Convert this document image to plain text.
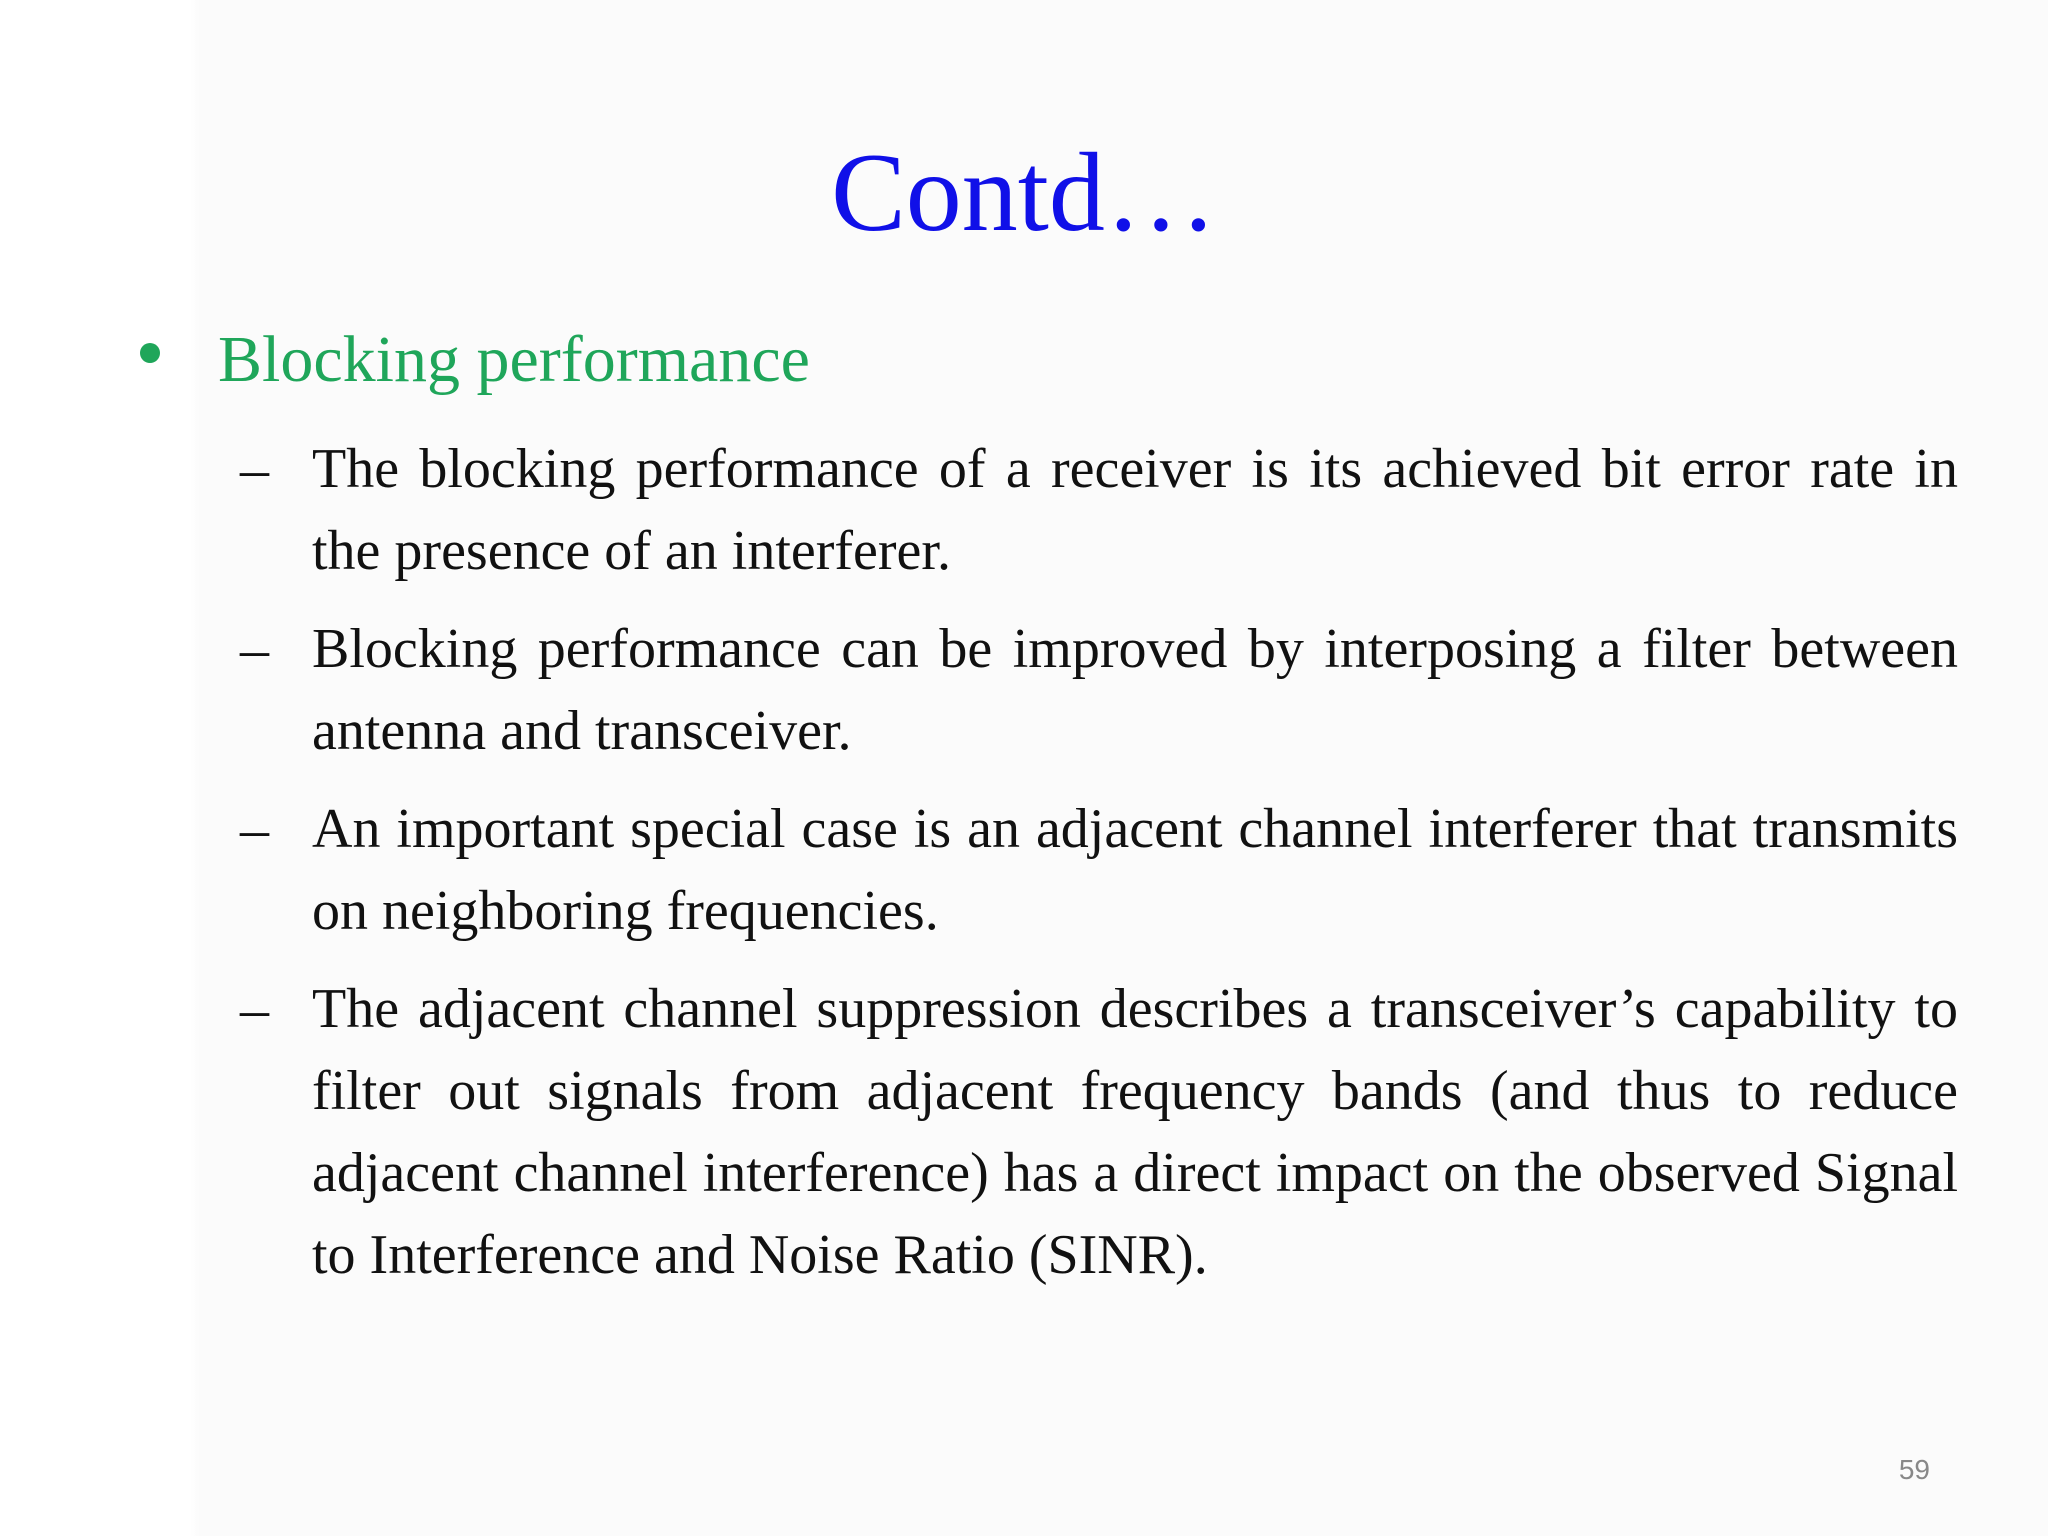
Contd…
Blocking performance
– The blocking performance of a receiver is its achieved bit error rate in the presence of an interferer.

– Blocking performance can be improved by interposing a filter between antenna and transceiver.

– An important special case is an adjacent channel interferer that transmits on neighboring frequencies.

– The adjacent channel suppression describes a transceiver’s capability to filter out signals from adjacent frequency bands (and thus to reduce adjacent channel interference) has a direct impact on the observed Signal to Interference and Noise Ratio (SINR).

59
